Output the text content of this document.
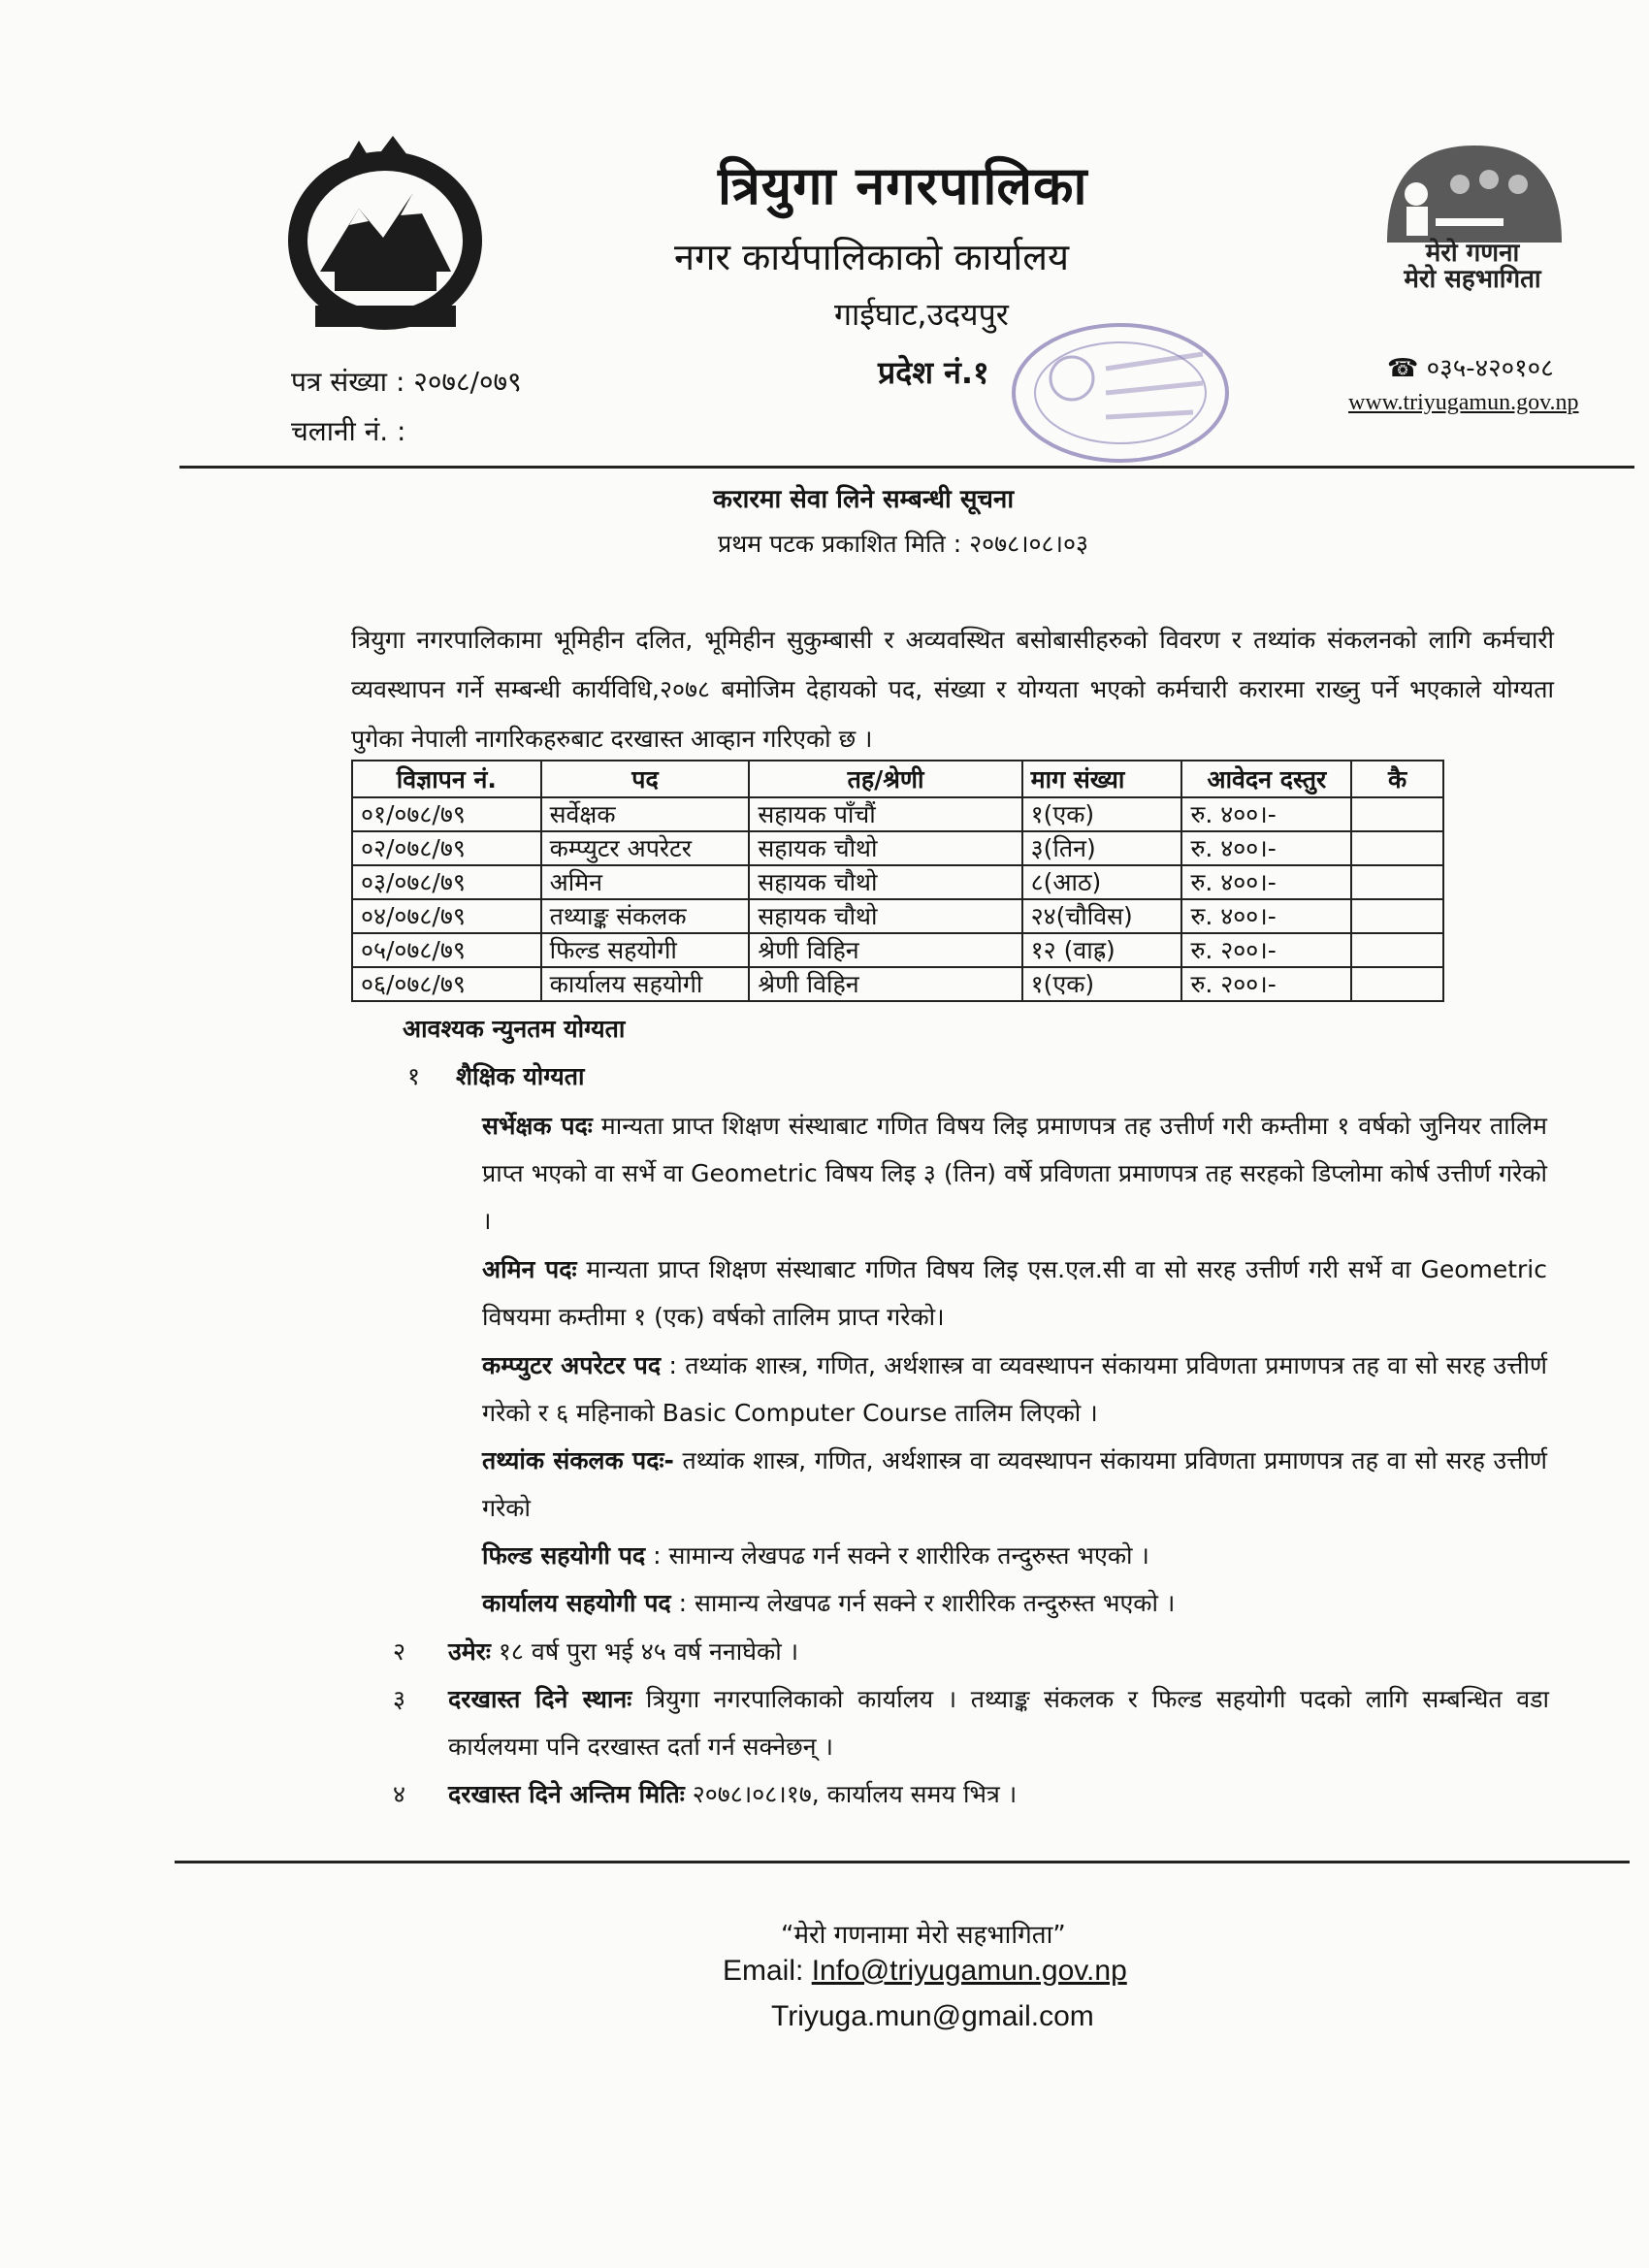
त्रियुगा नगरपालिका
नगर कार्यपालिकाको कार्यालय
गाईघाट,उदयपुर
प्रदेश नं.१
मेरो गणना
मेरो सहभागिता
☎ ०३५-४२०१०८
www.triyugamun.gov.np
पत्र संख्या : २०७८/०७९
चलानी नं. :
करारमा सेवा लिने सम्बन्धी सूचना
प्रथम पटक प्रकाशित मिति : २०७८।०८।०३
त्रियुगा नगरपालिकामा भूमिहीन दलित, भूमिहीन सुकुम्बासी र अव्यवस्थित बसोबासीहरुको विवरण र तथ्यांक संकलनको लागि कर्मचारी व्यवस्थापन गर्ने सम्बन्धी कार्यविधि,२०७८ बमोजिम देहायको पद, संख्या र योग्यता भएको कर्मचारी करारमा राख्नु पर्ने भएकाले योग्यता पुगेका नेपाली नागरिकहरुबाट दरखास्त आव्हान गरिएको छ ।
विज्ञापन नं.	पद	तह/श्रेणी	माग संख्या	आवेदन दस्तुर	कै
०१/०७८/७९	सर्वेक्षक	सहायक पाँचौं	१(एक)	रु. ४००।-	
०२/०७८/७९	कम्प्युटर अपरेटर	सहायक चौथो	३(तिन)	रु. ४००।-	
०३/०७८/७९	अमिन	सहायक चौथो	८(आठ)	रु. ४००।-	
०४/०७८/७९	तथ्याङ्क संकलक	सहायक चौथो	२४(चौविस)	रु. ४००।-	
०५/०७८/७९	फिल्ड सहयोगी	श्रेणी विहिन	१२ (वाह्र)	रु. २००।-	
०६/०७८/७९	कार्यालय सहयोगी	श्रेणी विहिन	१(एक)	रु. २००।-	
आवश्यक न्युनतम योग्यता
१ शैक्षिक योग्यता
सर्भेक्षक पदः मान्यता प्राप्त शिक्षण संस्थाबाट गणित विषय लिइ प्रमाणपत्र तह उत्तीर्ण गरी कम्तीमा १ वर्षको जुनियर तालिम प्राप्त भएको वा सर्भे वा Geometric विषय लिइ ३ (तिन) वर्षे प्रविणता प्रमाणपत्र तह सरहको डिप्लोमा कोर्ष उत्तीर्ण गरेको ।
अमिन पदः मान्यता प्राप्त शिक्षण संस्थाबाट गणित विषय लिइ एस.एल.सी वा सो सरह उत्तीर्ण गरी सर्भे वा Geometric विषयमा कम्तीमा १ (एक) वर्षको तालिम प्राप्त गरेको।
कम्प्युटर अपरेटर पद : तथ्यांक शास्त्र, गणित, अर्थशास्त्र वा व्यवस्थापन संकायमा प्रविणता प्रमाणपत्र तह वा सो सरह उत्तीर्ण गरेको र ६ महिनाको Basic Computer Course तालिम लिएको ।
तथ्यांक संकलक पदः- तथ्यांक शास्त्र, गणित, अर्थशास्त्र वा व्यवस्थापन संकायमा प्रविणता प्रमाणपत्र तह वा सो सरह उत्तीर्ण गरेको
फिल्ड सहयोगी पद : सामान्य लेखपढ गर्न सक्ने र शारीरिक तन्दुरुस्त भएको ।
कार्यालय सहयोगी पद : सामान्य लेखपढ गर्न सक्ने र शारीरिक तन्दुरुस्त भएको ।
२ उमेरः १८ वर्ष पुरा भई ४५ वर्ष ननाघेको ।
३ दरखास्त दिने स्थानः त्रियुगा नगरपालिकाको कार्यालय । तथ्याङ्क संकलक र फिल्ड सहयोगी पदको लागि सम्बन्धित वडा कार्यलयमा पनि दरखास्त दर्ता गर्न सक्नेछन् ।
४ दरखास्त दिने अन्तिम मितिः २०७८।०८।१७, कार्यालय समय भित्र ।
“मेरो गणनामा मेरो सहभागिता”
Email: Info@triyugamun.gov.np
Triyuga.mun@gmail.com
